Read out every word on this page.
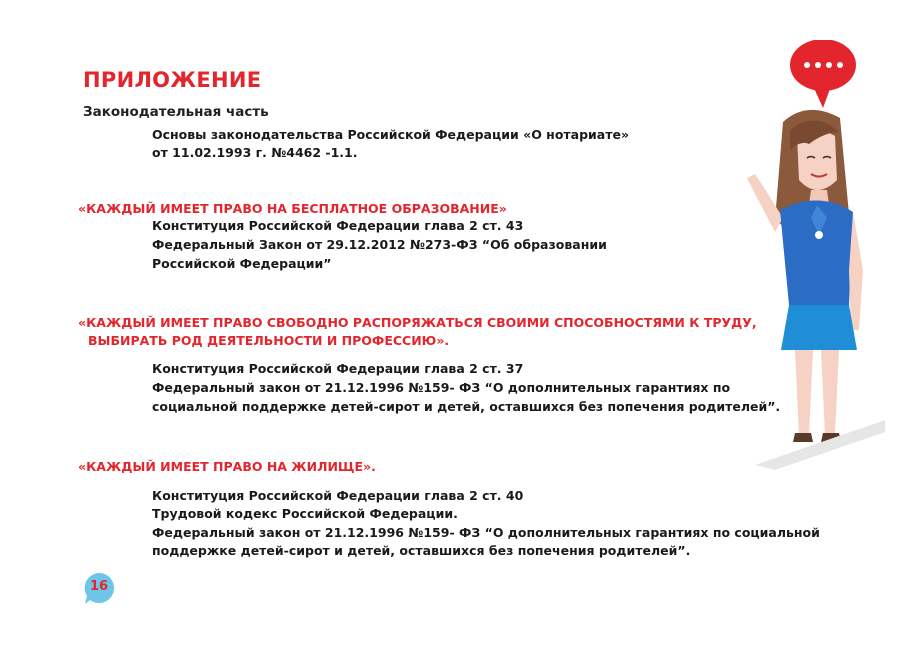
ПРИЛОЖЕНИЕ
Законодательная часть
Основы законодательства Российской Федерации «О нотариате»
от 11.02.1993 г. №4462 -1.1.
«КАЖДЫЙ ИМЕЕТ ПРАВО НА БЕСПЛАТНОЕ ОБРАЗОВАНИЕ»
Конституция Российской Федерации глава 2 ст. 43
Федеральный Закон от 29.12.2012 №273-ФЗ “Об образовании
Российской Федерации”
«КАЖДЫЙ ИМЕЕТ ПРАВО СВОБОДНО РАСПОРЯЖАТЬСЯ СВОИМИ СПОСОБНОСТЯМИ К ТРУДУ,
ВЫБИРАТЬ РОД ДЕЯТЕЛЬНОСТИ И ПРОФЕССИЮ».
Конституция Российской Федерации глава 2 ст. 37
Федеральный закон от 21.12.1996 №159- ФЗ “О дополнительных гарантиях по
социальной поддержке детей-сирот и детей, оставшихся без попечения родителей”.
«КАЖДЫЙ ИМЕЕТ ПРАВО НА ЖИЛИЩЕ».
Конституция Российской Федерации глава 2 ст. 40
Трудовой кодекс Российской Федерации.
Федеральный закон от 21.12.1996 №159- ФЗ “О дополнительных гарантиях по социальной
поддержке детей-сирот и детей, оставшихся без попечения родителей”.
16
